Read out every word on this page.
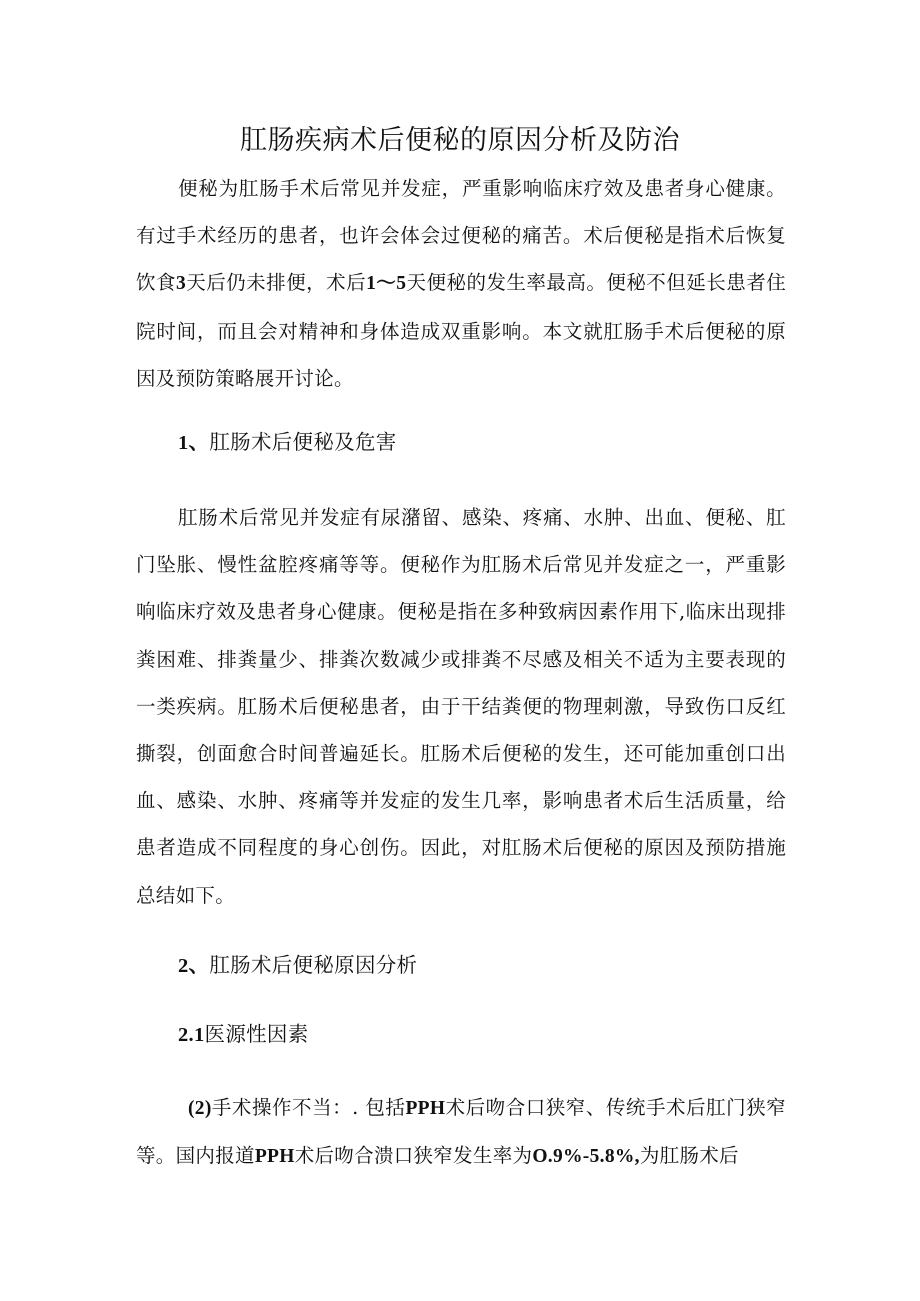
肛肠疾病术后便秘的原因分析及防治

便秘为肛肠手术后常见并发症，严重影响临床疗效及患者身心健康。有过手术经历的患者，也许会体会过便秘的痛苦。术后便秘是指术后恢复饮食3天后仍未排便，术后1～5天便秘的发生率最高。便秘不但延长患者住院时间，而且会对精神和身体造成双重影响。本文就肛肠手术后便秘的原因及预防策略展开讨论。

1、肛肠术后便秘及危害

肛肠术后常见并发症有尿潴留、感染、疼痛、水肿、出血、便秘、肛门坠胀、慢性盆腔疼痛等等。便秘作为肛肠术后常见并发症之一，严重影响临床疗效及患者身心健康。便秘是指在多种致病因素作用下,临床出现排粪困难、排粪量少、排粪次数减少或排粪不尽感及相关不适为主要表现的一类疾病。肛肠术后便秘患者，由于干结粪便的物理刺激，导致伤口反红撕裂，创面愈合时间普遍延长。肛肠术后便秘的发生，还可能加重创口出血、感染、水肿、疼痛等并发症的发生几率，影响患者术后生活质量，给患者造成不同程度的身心创伤。因此，对肛肠术后便秘的原因及预防措施总结如下。

2、肛肠术后便秘原因分析
2.1医源性因素

(2)手术操作不当：. 包括PPH术后吻合口狭窄、传统手术后肛门狭窄等。国内报道PPH术后吻合溃口狭窄发生率为O.9%-5.8%,为肛肠术后
